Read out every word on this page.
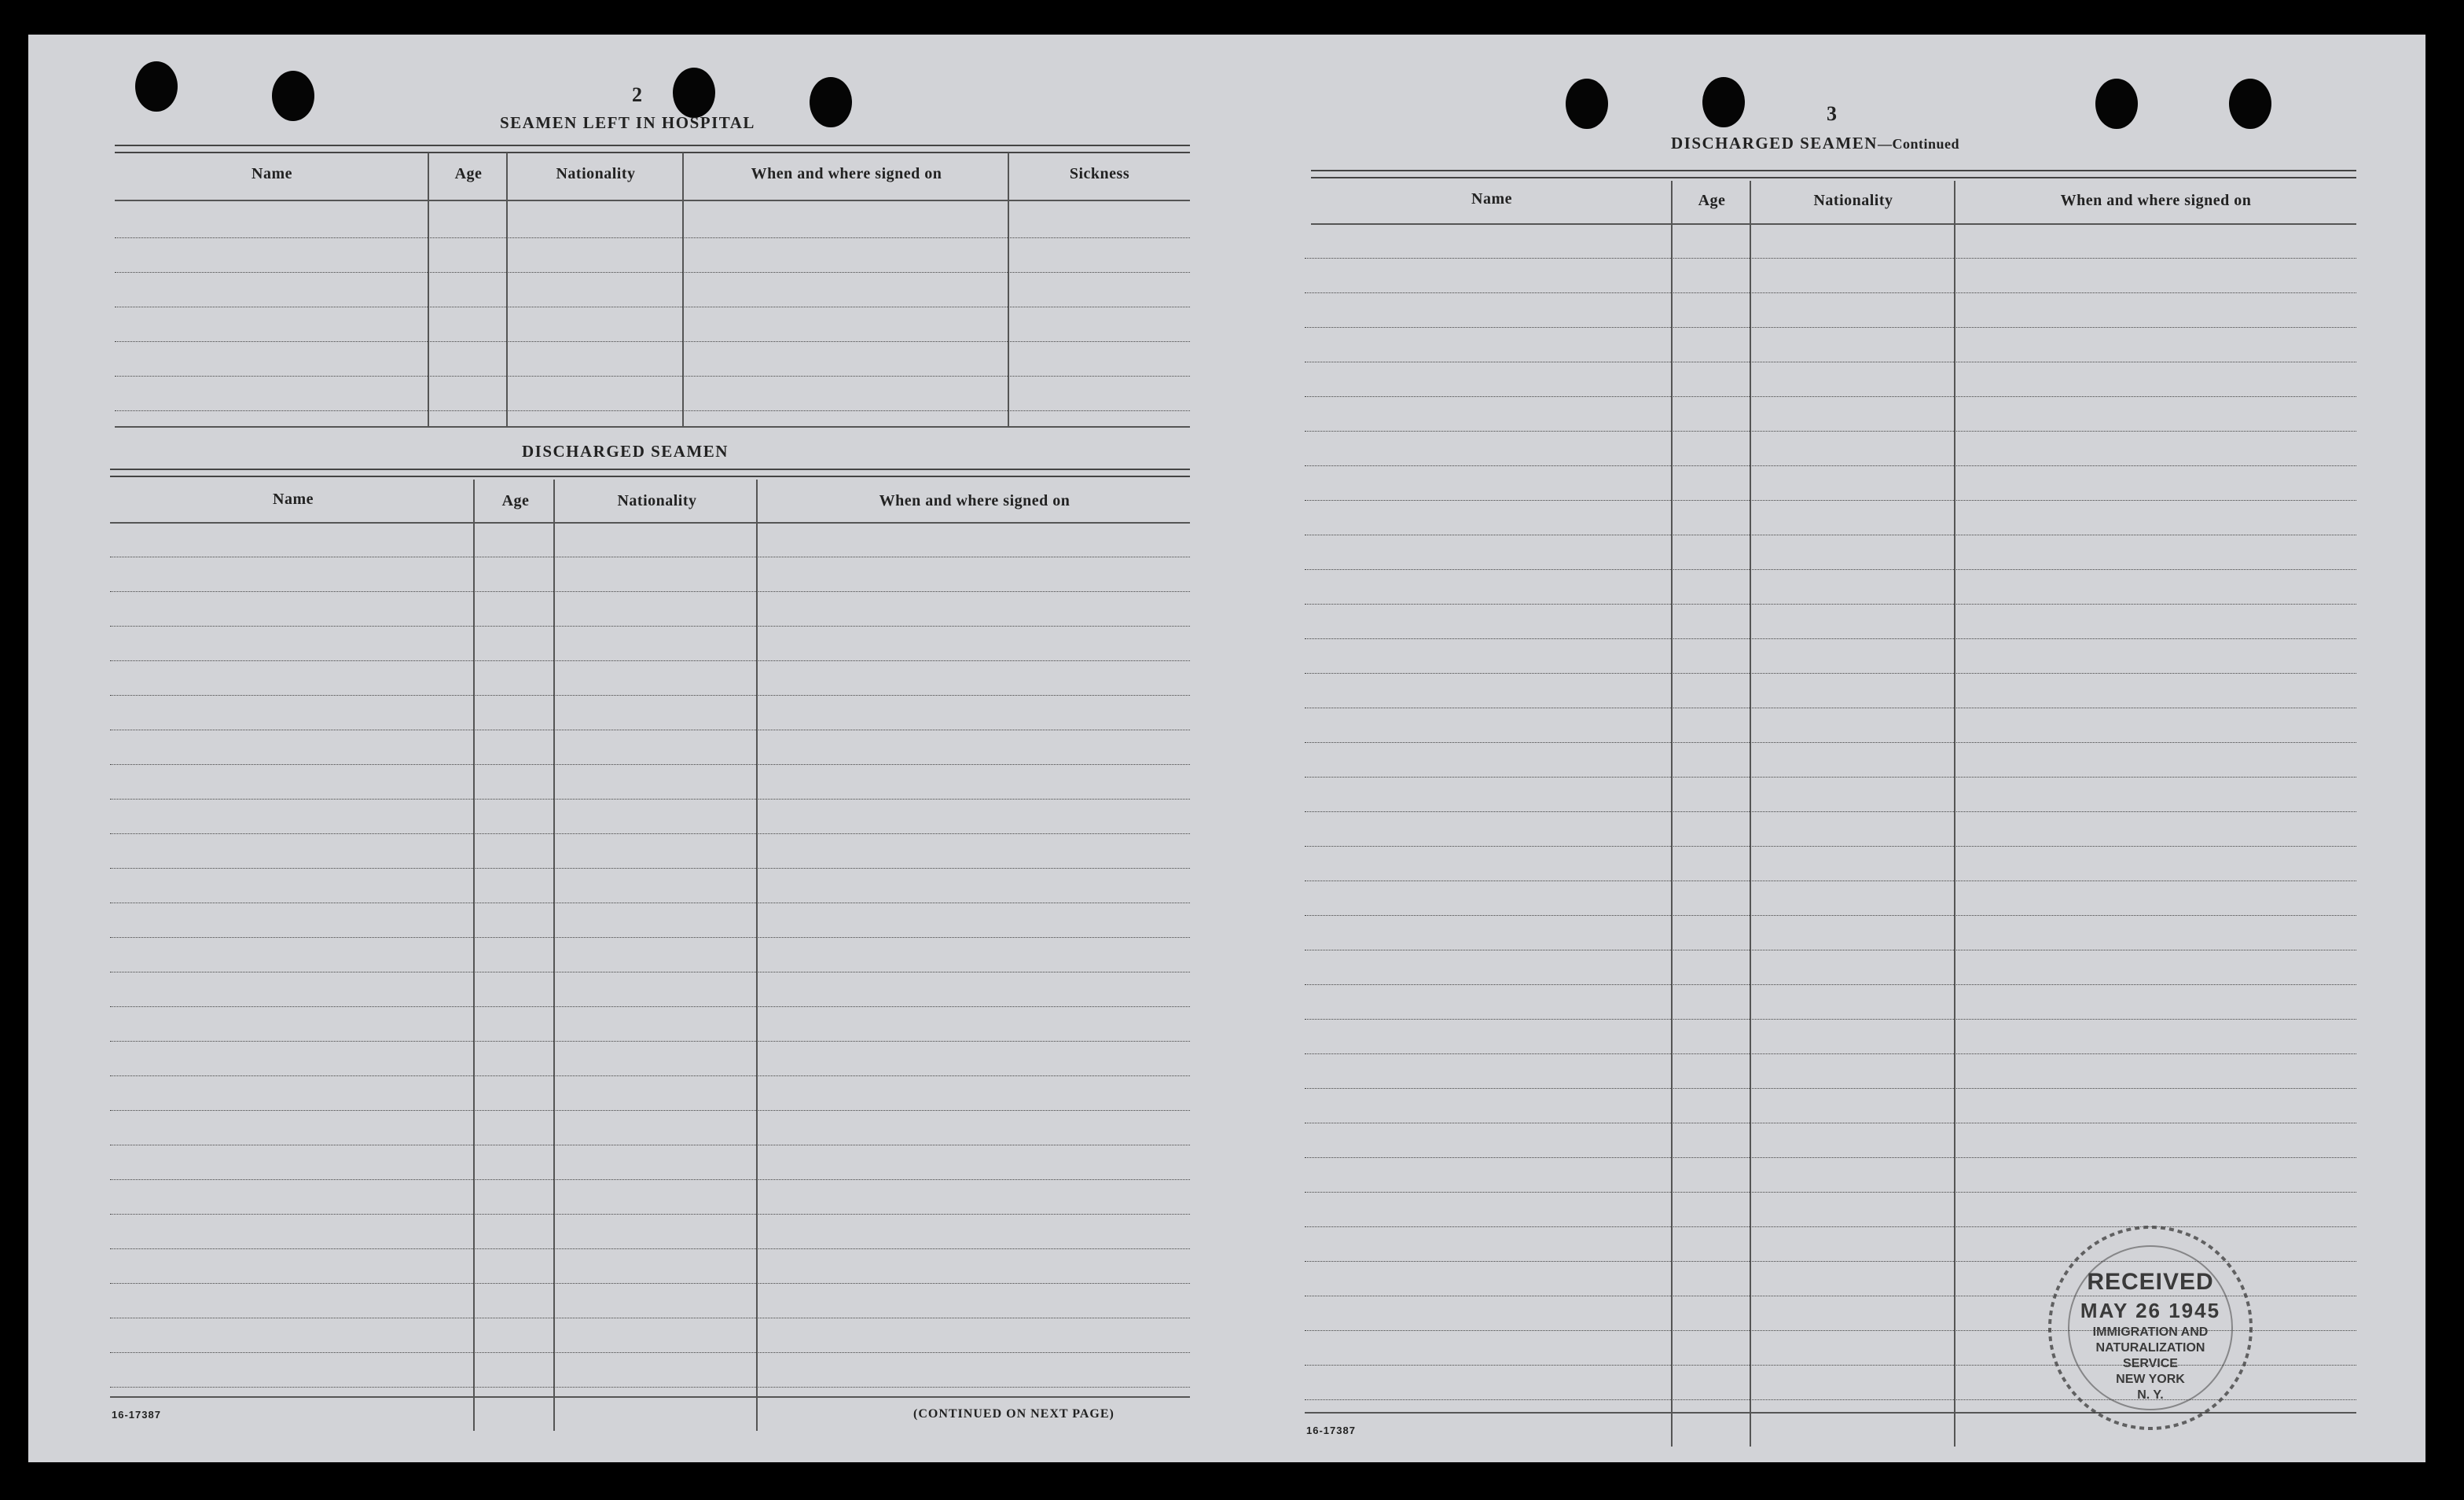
2
SEAMEN LEFT IN HOSPITAL
Name	Age	Nationality	When and where signed on	Sickness
DISCHARGED SEAMEN
Name	Age	Nationality	When and where signed on
16-17387	(CONTINUED ON NEXT PAGE)
3
DISCHARGED SEAMEN—Continued
Name	Age	Nationality	When and where signed on
16-17387
RECEIVED
MAY 26 1945
IMMIGRATION AND
NATURALIZATION
SERVICE
NEW YORK
N. Y.
